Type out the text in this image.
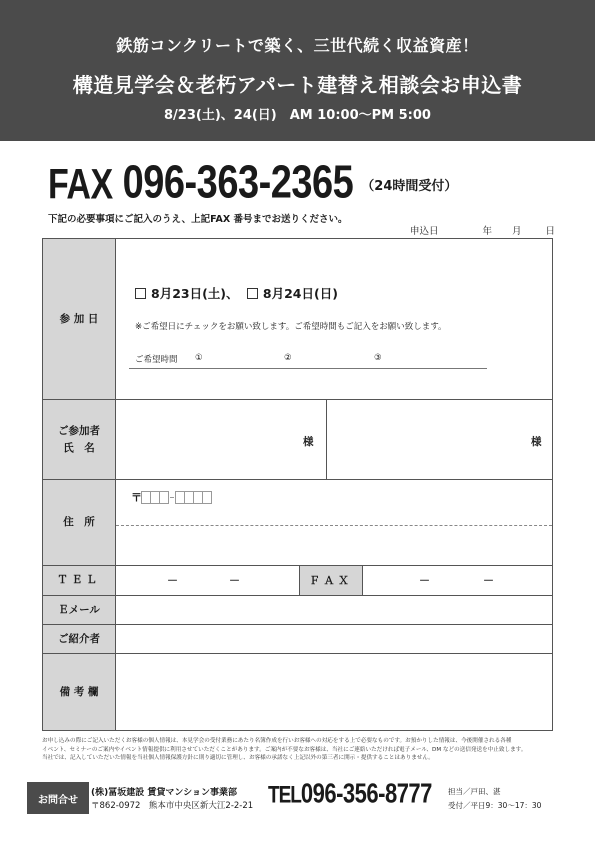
鉄筋コンクリートで築く、三世代続く収益資産！
構造見学会＆老朽アパート建替え相談会お申込書
8/23(土)、24(日)　AM 10:00〜PM 5:00
FAX 096-363-2365 （24時間受付）
下記の必要事項にご記入のうえ、上記FAX 番号までお送りください。
申込日	年 月	日
参 加 日
8月23日(土)、 8月24日(日)
※ご希望日にチェックをお願い致します。ご希望時間もご記入をお願い致します。
ご希望時間 ①	②	③
ご参加者
氏　名	様	様
住　所
〒
ＴＥＬ	－	－	ＦＡＸ	－	－
Ｅメール
ご紹介者
備 考 欄
お申し込みの際にご記入いただくお客様の個人情報は、本見学会の受付業務にあたり名簿作成を行いお客様への対応をする上で必要なものです。お預かりした情報は、今後開催される各種
イベント、セミナーのご案内やイベント情報提供に利用させていただくことがあります。ご案内が不要なお客様は、当社にご連絡いただければ電子メール、DM などの送信発送を中止致します。
当社では、記入していただいた情報を当社個人情報保護方針に則り適切に管理し、お客様の承諾なく上記以外の第三者に開示・提供することはありません。
お問合せ
(株)冨坂建設 賃貸マンション事業部
〒862-0972　熊本市中央区新大江2-2-21 TEL 096-356-8777 担当／戸田、湛
受付／平日9：30〜17：30
